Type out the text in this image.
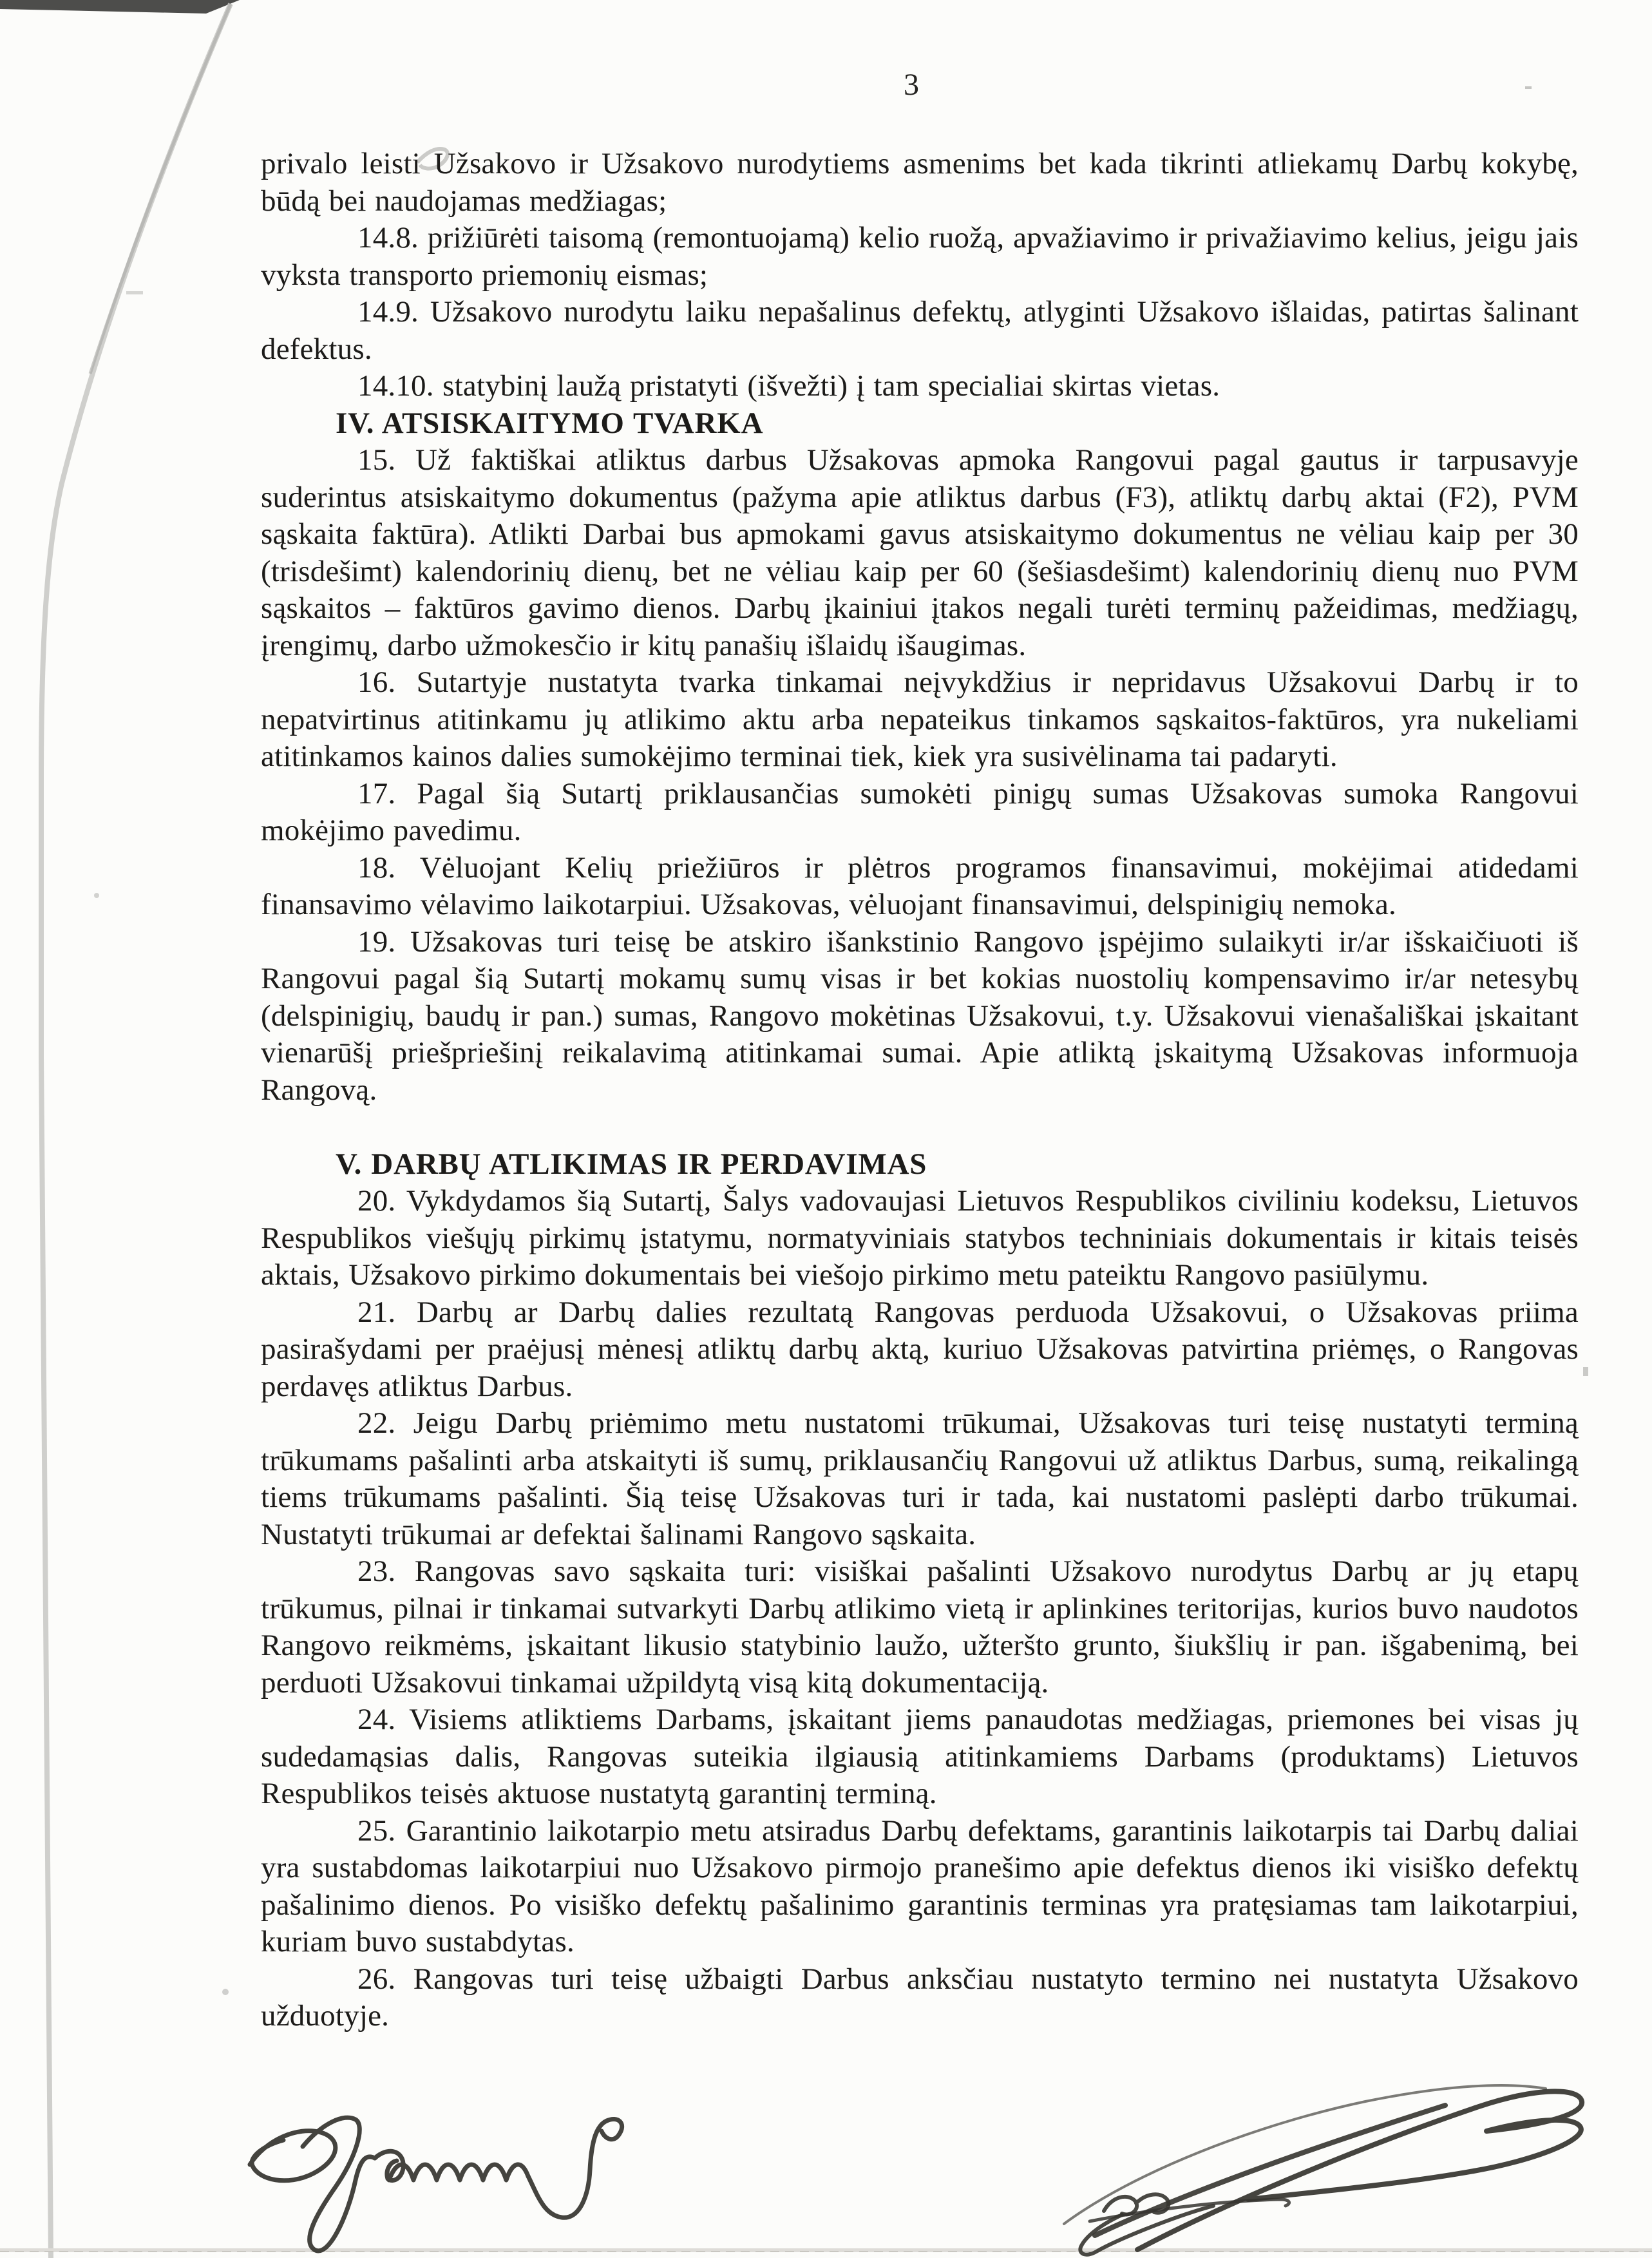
3

privalo leisti Užsakovo ir Užsakovo nurodytiems asmenims bet kada tikrinti atliekamų Darbų kokybę, būdą bei naudojamas medžiagas;

14.8. prižiūrėti taisomą (remontuojamą) kelio ruožą, apvažiavimo ir privažiavimo kelius, jeigu jais vyksta transporto priemonių eismas;

14.9. Užsakovo nurodytu laiku nepašalinus defektų, atlyginti Užsakovo išlaidas, patirtas šalinant defektus.

14.10. statybinį laužą pristatyti (išvežti) į tam specialiai skirtas vietas.

IV. ATSISKAITYMO TVARKA

15. Už faktiškai atliktus darbus Užsakovas apmoka Rangovui pagal gautus ir tarpusavyje suderintus atsiskaitymo dokumentus (pažyma apie atliktus darbus (F3), atliktų darbų aktai (F2), PVM sąskaita faktūra). Atlikti Darbai bus apmokami gavus atsiskaitymo dokumentus ne vėliau kaip per 30 (trisdešimt) kalendorinių dienų, bet ne vėliau kaip per 60 (šešiasdešimt) kalendorinių dienų nuo PVM sąskaitos – faktūros gavimo dienos. Darbų įkainiui įtakos negali turėti terminų pažeidimas, medžiagų, įrengimų, darbo užmokesčio ir kitų panašių išlaidų išaugimas.

16. Sutartyje nustatyta tvarka tinkamai neįvykdžius ir nepridavus Užsakovui Darbų ir to nepatvirtinus atitinkamu jų atlikimo aktu arba nepateikus tinkamos sąskaitos-faktūros, yra nukeliami atitinkamos kainos dalies sumokėjimo terminai tiek, kiek yra susivėlinama tai padaryti.

17. Pagal šią Sutartį priklausančias sumokėti pinigų sumas Užsakovas sumoka Rangovui mokėjimo pavedimu.

18. Vėluojant Kelių priežiūros ir plėtros programos finansavimui, mokėjimai atidedami finansavimo vėlavimo laikotarpiui. Užsakovas, vėluojant finansavimui, delspinigių nemoka.

19. Užsakovas turi teisę be atskiro išankstinio Rangovo įspėjimo sulaikyti ir/ar išskaičiuoti iš Rangovui pagal šią Sutartį mokamų sumų visas ir bet kokias nuostolių kompensavimo ir/ar netesybų (delspinigių, baudų ir pan.) sumas, Rangovo mokėtinas Užsakovui, t.y. Užsakovui vienašališkai įskaitant vienarūšį priešpriešinį reikalavimą atitinkamai sumai. Apie atliktą įskaitymą Užsakovas informuoja Rangovą.

V. DARBŲ ATLIKIMAS IR PERDAVIMAS

20. Vykdydamos šią Sutartį, Šalys vadovaujasi Lietuvos Respublikos civiliniu kodeksu, Lietuvos Respublikos viešųjų pirkimų įstatymu, normatyviniais statybos techniniais dokumentais ir kitais teisės aktais, Užsakovo pirkimo dokumentais bei viešojo pirkimo metu pateiktu Rangovo pasiūlymu.

21. Darbų ar Darbų dalies rezultatą Rangovas perduoda Užsakovui, o Užsakovas priima pasirašydami per praėjusį mėnesį atliktų darbų aktą, kuriuo Užsakovas patvirtina priėmęs, o Rangovas perdavęs atliktus Darbus.

22. Jeigu Darbų priėmimo metu nustatomi trūkumai, Užsakovas turi teisę nustatyti terminą trūkumams pašalinti arba atskaityti iš sumų, priklausančių Rangovui už atliktus Darbus, sumą, reikalingą tiems trūkumams pašalinti. Šią teisę Užsakovas turi ir tada, kai nustatomi paslėpti darbo trūkumai. Nustatyti trūkumai ar defektai šalinami Rangovo sąskaita.

23. Rangovas savo sąskaita turi: visiškai pašalinti Užsakovo nurodytus Darbų ar jų etapų trūkumus, pilnai ir tinkamai sutvarkyti Darbų atlikimo vietą ir aplinkines teritorijas, kurios buvo naudotos Rangovo reikmėms, įskaitant likusio statybinio laužo, užteršto grunto, šiukšlių ir pan. išgabenimą, bei perduoti Užsakovui tinkamai užpildytą visą kitą dokumentaciją.

24. Visiems atliktiems Darbams, įskaitant jiems panaudotas medžiagas, priemones bei visas jų sudedamąsias dalis, Rangovas suteikia ilgiausią atitinkamiems Darbams (produktams) Lietuvos Respublikos teisės aktuose nustatytą garantinį terminą.

25. Garantinio laikotarpio metu atsiradus Darbų defektams, garantinis laikotarpis tai Darbų daliai yra sustabdomas laikotarpiui nuo Užsakovo pirmojo pranešimo apie defektus dienos iki visiško defektų pašalinimo dienos. Po visiško defektų pašalinimo garantinis terminas yra pratęsiamas tam laikotarpiui, kuriam buvo sustabdytas.

26. Rangovas turi teisę užbaigti Darbus anksčiau nustatyto termino nei nustatyta Užsakovo užduotyje.
